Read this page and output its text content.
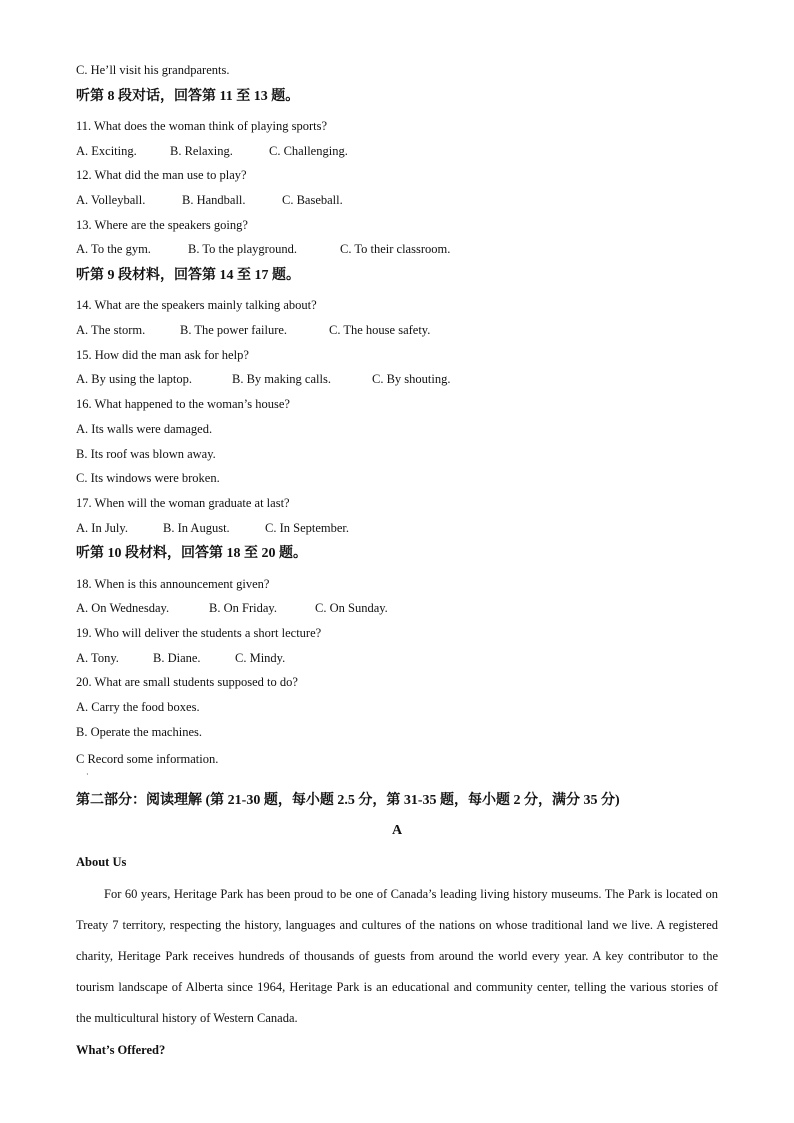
C. He’ll visit his grandparents.
听第 8 段对话，回答第 11 至 13 题。
11. What does the woman think of playing sports?
A. Exciting.	B. Relaxing.	C. Challenging.
12. What did the man use to play?
A. Volleyball.	B. Handball.	C. Baseball.
13. Where are the speakers going?
A. To the gym.	B. To the playground.	C. To their classroom.
听第 9 段材料，回答第 14 至 17 题。
14. What are the speakers mainly talking about?
A. The storm.	B. The power failure.	C. The house safety.
15. How did the man ask for help?
A. By using the laptop.	B. By making calls.	C. By shouting.
16. What happened to the woman’s house?
A. Its walls were damaged.
B. Its roof was blown away.
C. Its windows were broken.
17. When will the woman graduate at last?
A. In July.	B. In August.	C. In September.
听第 10 段材料，回答第 18 至 20 题。
18. When is this announcement given?
A. On Wednesday.	B. On Friday.	C. On Sunday.
19. Who will deliver the students a short lecture?
A. Tony.	B. Diane.	C. Mindy.
20. What are small students supposed to do?
A. Carry the food boxes.
B. Operate the machines.
C Record some information.
·
第二部分：阅读理解 (第 21-30 题，每小题 2.5 分，第 31-35 题，每小题 2 分，满分 35 分)
A
About Us
For 60 years, Heritage Park has been proud to be one of Canada’s leading living history museums. The Park is located on Treaty 7 territory, respecting the history, languages and cultures of the nations on whose traditional land we live. A registered charity, Heritage Park receives hundreds of thousands of guests from around the world every year. A key contributor to the tourism landscape of Alberta since 1964, Heritage Park is an educational and community center, telling the various stories of the multicultural history of Western Canada.
What’s Offered?
